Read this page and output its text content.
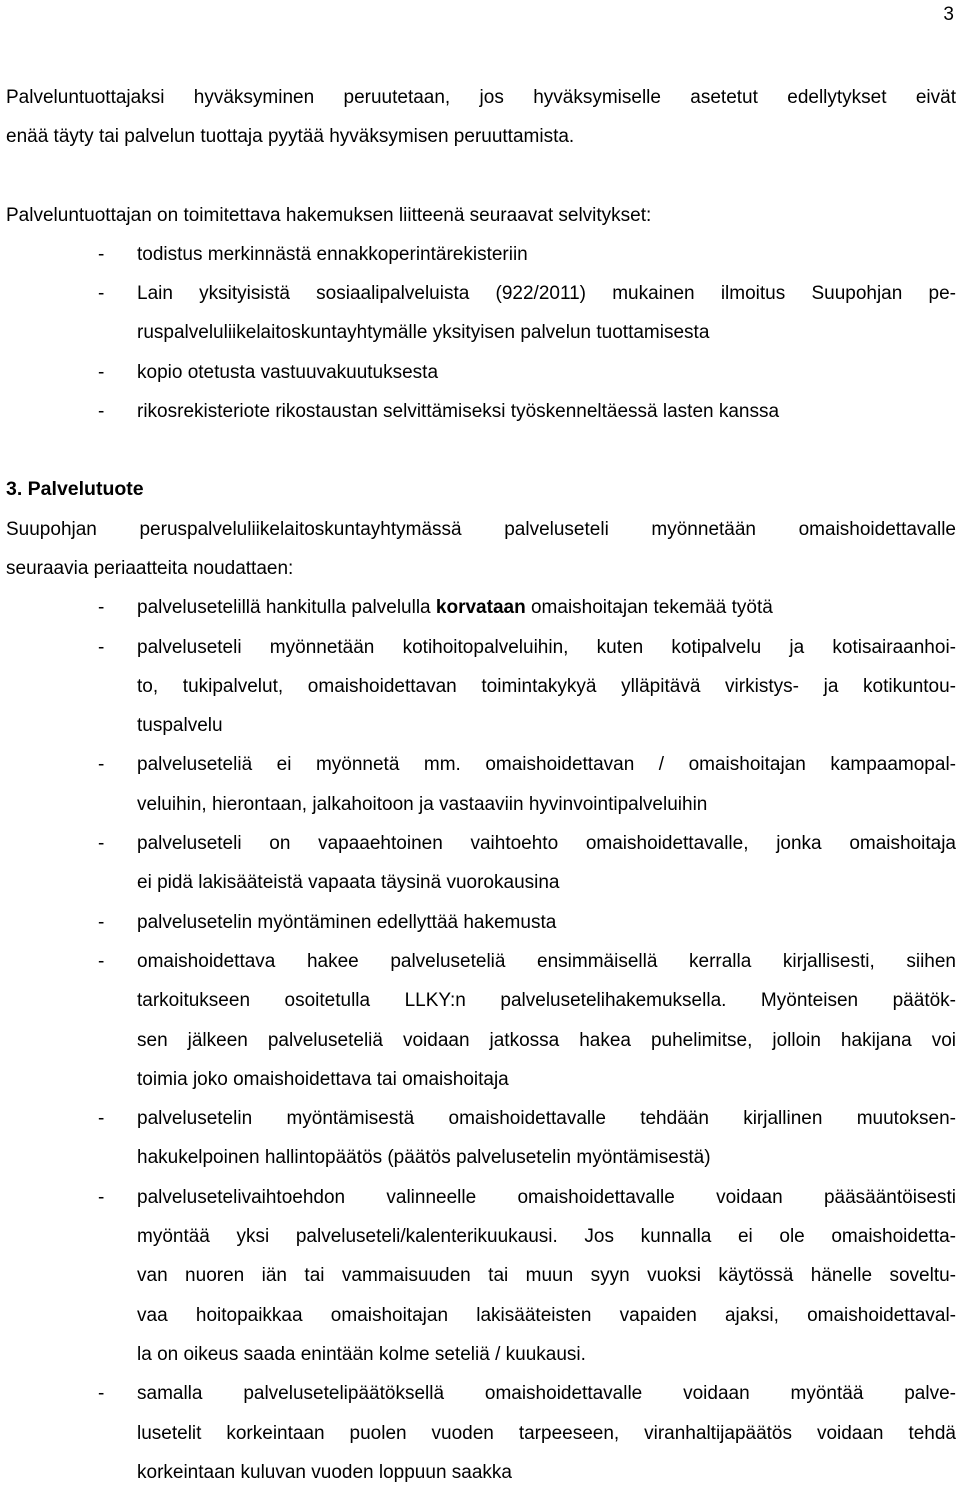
3
Palveluntuottajaksi hyväksyminen peruutetaan, jos hyväksymiselle asetetut edellytykset eivät
enää täyty tai palvelun tuottaja pyytää hyväksymisen peruuttamista.

Palveluntuottajan on toimitettava hakemuksen liitteenä seuraavat selvitykset:

- todistus merkinnästä ennakkoperintärekisteriin
- Lain yksityisistä sosiaalipalveluista (922/2011) mukainen ilmoitus Suupohjan pe-
ruspalveluliikelaitoskuntayhtymälle yksityisen palvelun tuottamisesta
- kopio otetusta vastuuvakuutuksesta
- rikosrekisteriote rikostaustan selvittämiseksi työskenneltäessä lasten kanssa
3. Palvelutuote
Suupohjan peruspalveluliikelaitoskuntayhtymässä palveluseteli myönnetään omaishoidettavalle
seuraavia periaatteita noudattaen:
- palvelusetelillä hankitulla palvelulla korvataan omaishoitajan tekemää työtä
- palveluseteli myönnetään kotihoitopalveluihin, kuten kotipalvelu ja kotisairaanhoi-
to, tukipalvelut, omaishoidettavan toimintakykyä ylläpitävä virkistys- ja kotikuntou-
tuspalvelu
- palveluseteliä ei myönnetä mm. omaishoidettavan / omaishoitajan kampaamopal-
veluihin, hierontaan, jalkahoitoon ja vastaaviin hyvinvointipalveluihin
- palveluseteli on vapaaehtoinen vaihtoehto omaishoidettavalle, jonka omaishoitaja
ei pidä lakisääteistä vapaata täysinä vuorokausina
- palvelusetelin myöntäminen edellyttää hakemusta
- omaishoidettava hakee palveluseteliä ensimmäisellä kerralla kirjallisesti, siihen
tarkoitukseen osoitetulla LLKY:n palvelusetelihakemuksella. Myönteisen päätök-
sen jälkeen palveluseteliä voidaan jatkossa hakea puhelimitse, jolloin hakijana voi
toimia joko omaishoidettava tai omaishoitaja
- palvelusetelin myöntämisestä omaishoidettavalle tehdään kirjallinen muutoksen-
hakukelpoinen hallintopäätös (päätös palvelusetelin myöntämisestä)
- palvelusetelivaihtoehdon valinneelle omaishoidettavalle voidaan pääsääntöisesti
myöntää yksi palveluseteli/kalenterikuukausi. Jos kunnalla ei ole omaishoidetta-
van nuoren iän tai vammaisuuden tai muun syyn vuoksi käytössä hänelle soveltu-
vaa hoitopaikkaa omaishoitajan lakisääteisten vapaiden ajaksi, omaishoidettaval-
la on oikeus saada enintään kolme seteliä / kuukausi.
- samalla palvelusetelipäätöksellä omaishoidettavalle voidaan myöntää palve-
lusetelit korkeintaan puolen vuoden tarpeeseen, viranhaltijapäätös voidaan tehdä
korkeintaan kuluvan vuoden loppuun saakka
